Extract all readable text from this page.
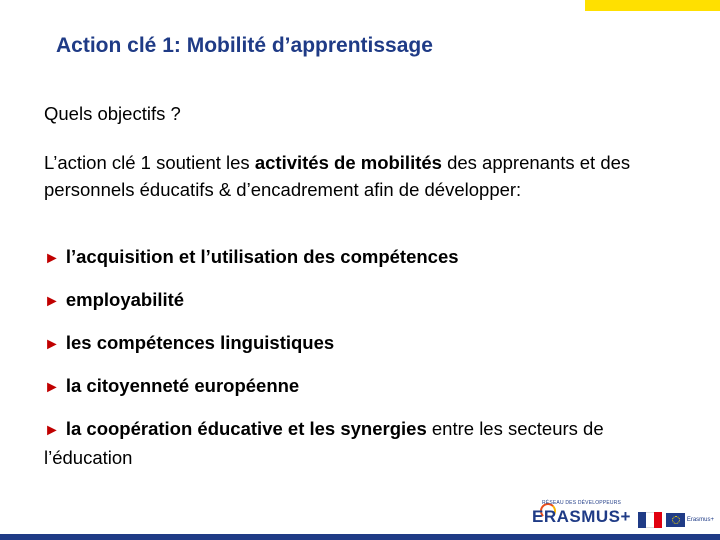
Action clé 1: Mobilité d’apprentissage

Quels objectifs ?

L’action clé 1 soutient les activités de mobilités des apprenants et des personnels éducatifs & d’encadrement afin de développer:

► l’acquisition et l’utilisation des compétences

► employabilité

► les compétences linguistiques

► la citoyenneté européenne

► la coopération éducative et les synergies entre les secteurs de l’éducation

RÉSEAU DES DÉVELOPPEURS
ERASMUS+	Erasmus+
